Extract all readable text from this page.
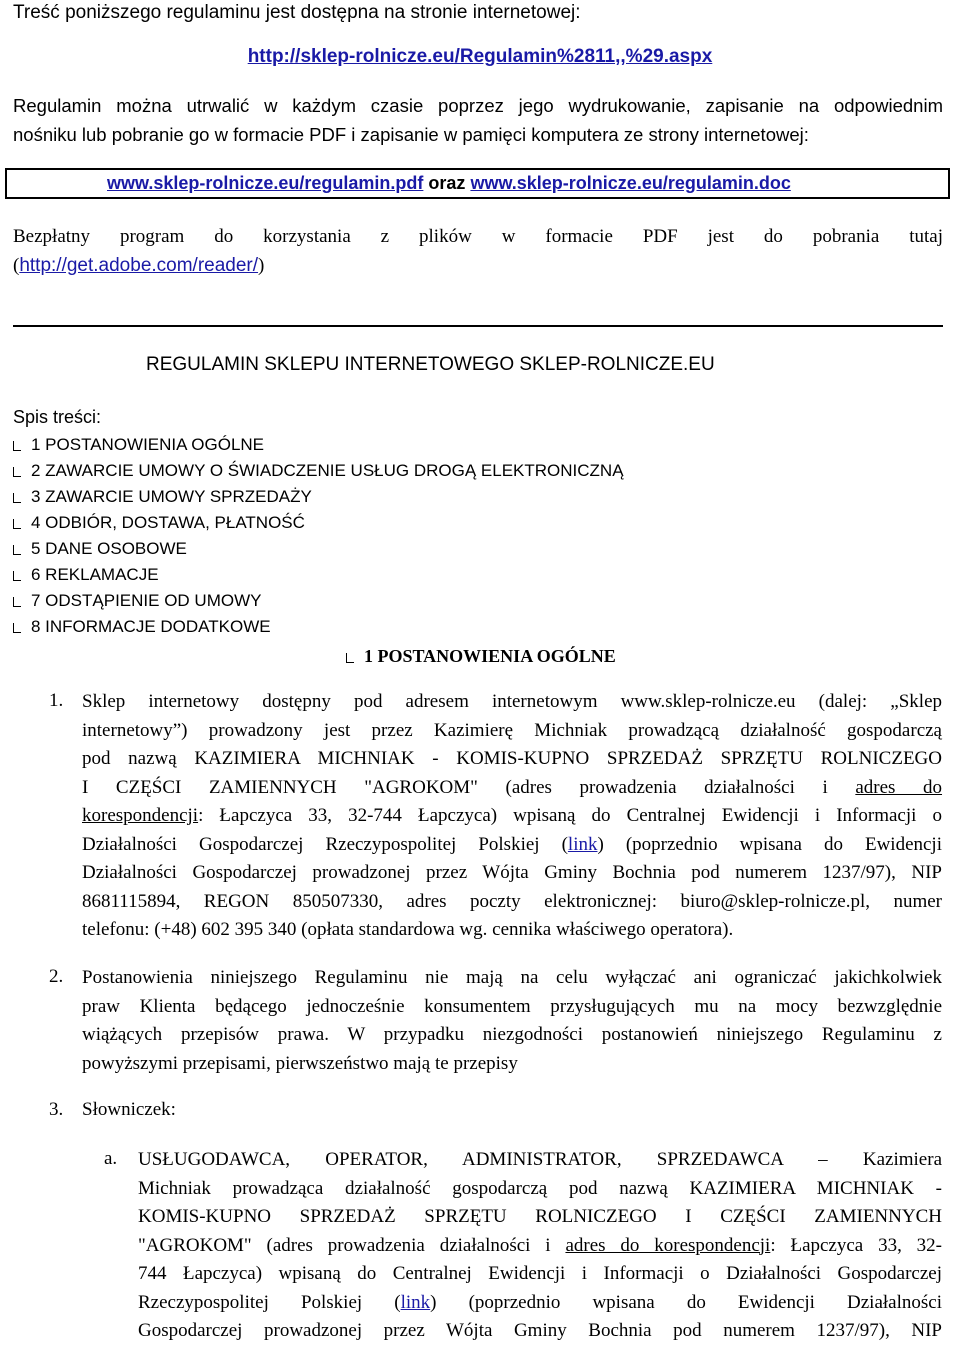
Treść poniższego regulaminu jest dostępna na stronie internetowej:
http://sklep-rolnicze.eu/Regulamin%2811,,%29.aspx
Regulamin można utrwalić w każdym czasie poprzez jego wydrukowanie, zapisanie na odpowiednim
nośniku lub pobranie go w formacie PDF i zapisanie w pamięci komputera ze strony internetowej:
www.sklep-rolnicze.eu/regulamin.pdf oraz www.sklep-rolnicze.eu/regulamin.doc
Bezpłatny program do korzystania z plików w formacie PDF jest do pobrania tutaj
(http://get.adobe.com/reader/)
REGULAMIN SKLEPU INTERNETOWEGO SKLEP-ROLNICZE.EU
Spis treści:
1 POSTANOWIENIA OGÓLNE
2 ZAWARCIE UMOWY O ŚWIADCZENIE USŁUG DROGĄ ELEKTRONICZNĄ
3 ZAWARCIE UMOWY SPRZEDAŻY
4 ODBIÓR, DOSTAWA, PŁATNOŚĆ
5 DANE OSOBOWE
6 REKLAMACJE
7 ODSTĄPIENIE OD UMOWY
8 INFORMACJE DODATKOWE
1 POSTANOWIENIA OGÓLNE
1. Sklep internetowy dostępny pod adresem internetowym www.sklep-rolnicze.eu (dalej: „Sklep
internetowy”) prowadzony jest przez Kazimierę Michniak prowadzącą działalność gospodarczą
pod nazwą KAZIMIERA MICHNIAK - KOMIS-KUPNO SPRZEDAŻ SPRZĘTU ROLNICZEGO
I CZĘŚCI ZAMIENNYCH "AGROKOM" (adres prowadzenia działalności i adres do
korespondencji: Łapczyca 33, 32-744 Łapczyca) wpisaną do Centralnej Ewidencji i Informacji o
Działalności Gospodarczej Rzeczypospolitej Polskiej (link) (poprzednio wpisana do Ewidencji
Działalności Gospodarczej prowadzonej przez Wójta Gminy Bochnia pod numerem 1237/97), NIP
8681115894, REGON 850507330, adres poczty elektronicznej: biuro@sklep-rolnicze.pl, numer
telefonu: (+48) 602 395 340 (opłata standardowa wg. cennika właściwego operatora).
2. Postanowienia niniejszego Regulaminu nie mają na celu wyłączać ani ograniczać jakichkolwiek
praw Klienta będącego jednocześnie konsumentem przysługujących mu na mocy bezwzględnie
wiążących przepisów prawa. W przypadku niezgodności postanowień niniejszego Regulaminu z
powyższymi przepisami, pierwszeństwo mają te przepisy
3. Słowniczek:
a. USŁUGODAWCA, OPERATOR, ADMINISTRATOR, SPRZEDAWCA – Kazimiera
Michniak prowadząca działalność gospodarczą pod nazwą KAZIMIERA MICHNIAK -
KOMIS-KUPNO SPRZEDAŻ SPRZĘTU ROLNICZEGO I CZĘŚCI ZAMIENNYCH
"AGROKOM" (adres prowadzenia działalności i adres do korespondencji: Łapczyca 33, 32-
744 Łapczyca) wpisaną do Centralnej Ewidencji i Informacji o Działalności Gospodarczej
Rzeczypospolitej Polskiej (link) (poprzednio wpisana do Ewidencji Działalności
Gospodarczej prowadzonej przez Wójta Gminy Bochnia pod numerem 1237/97), NIP
